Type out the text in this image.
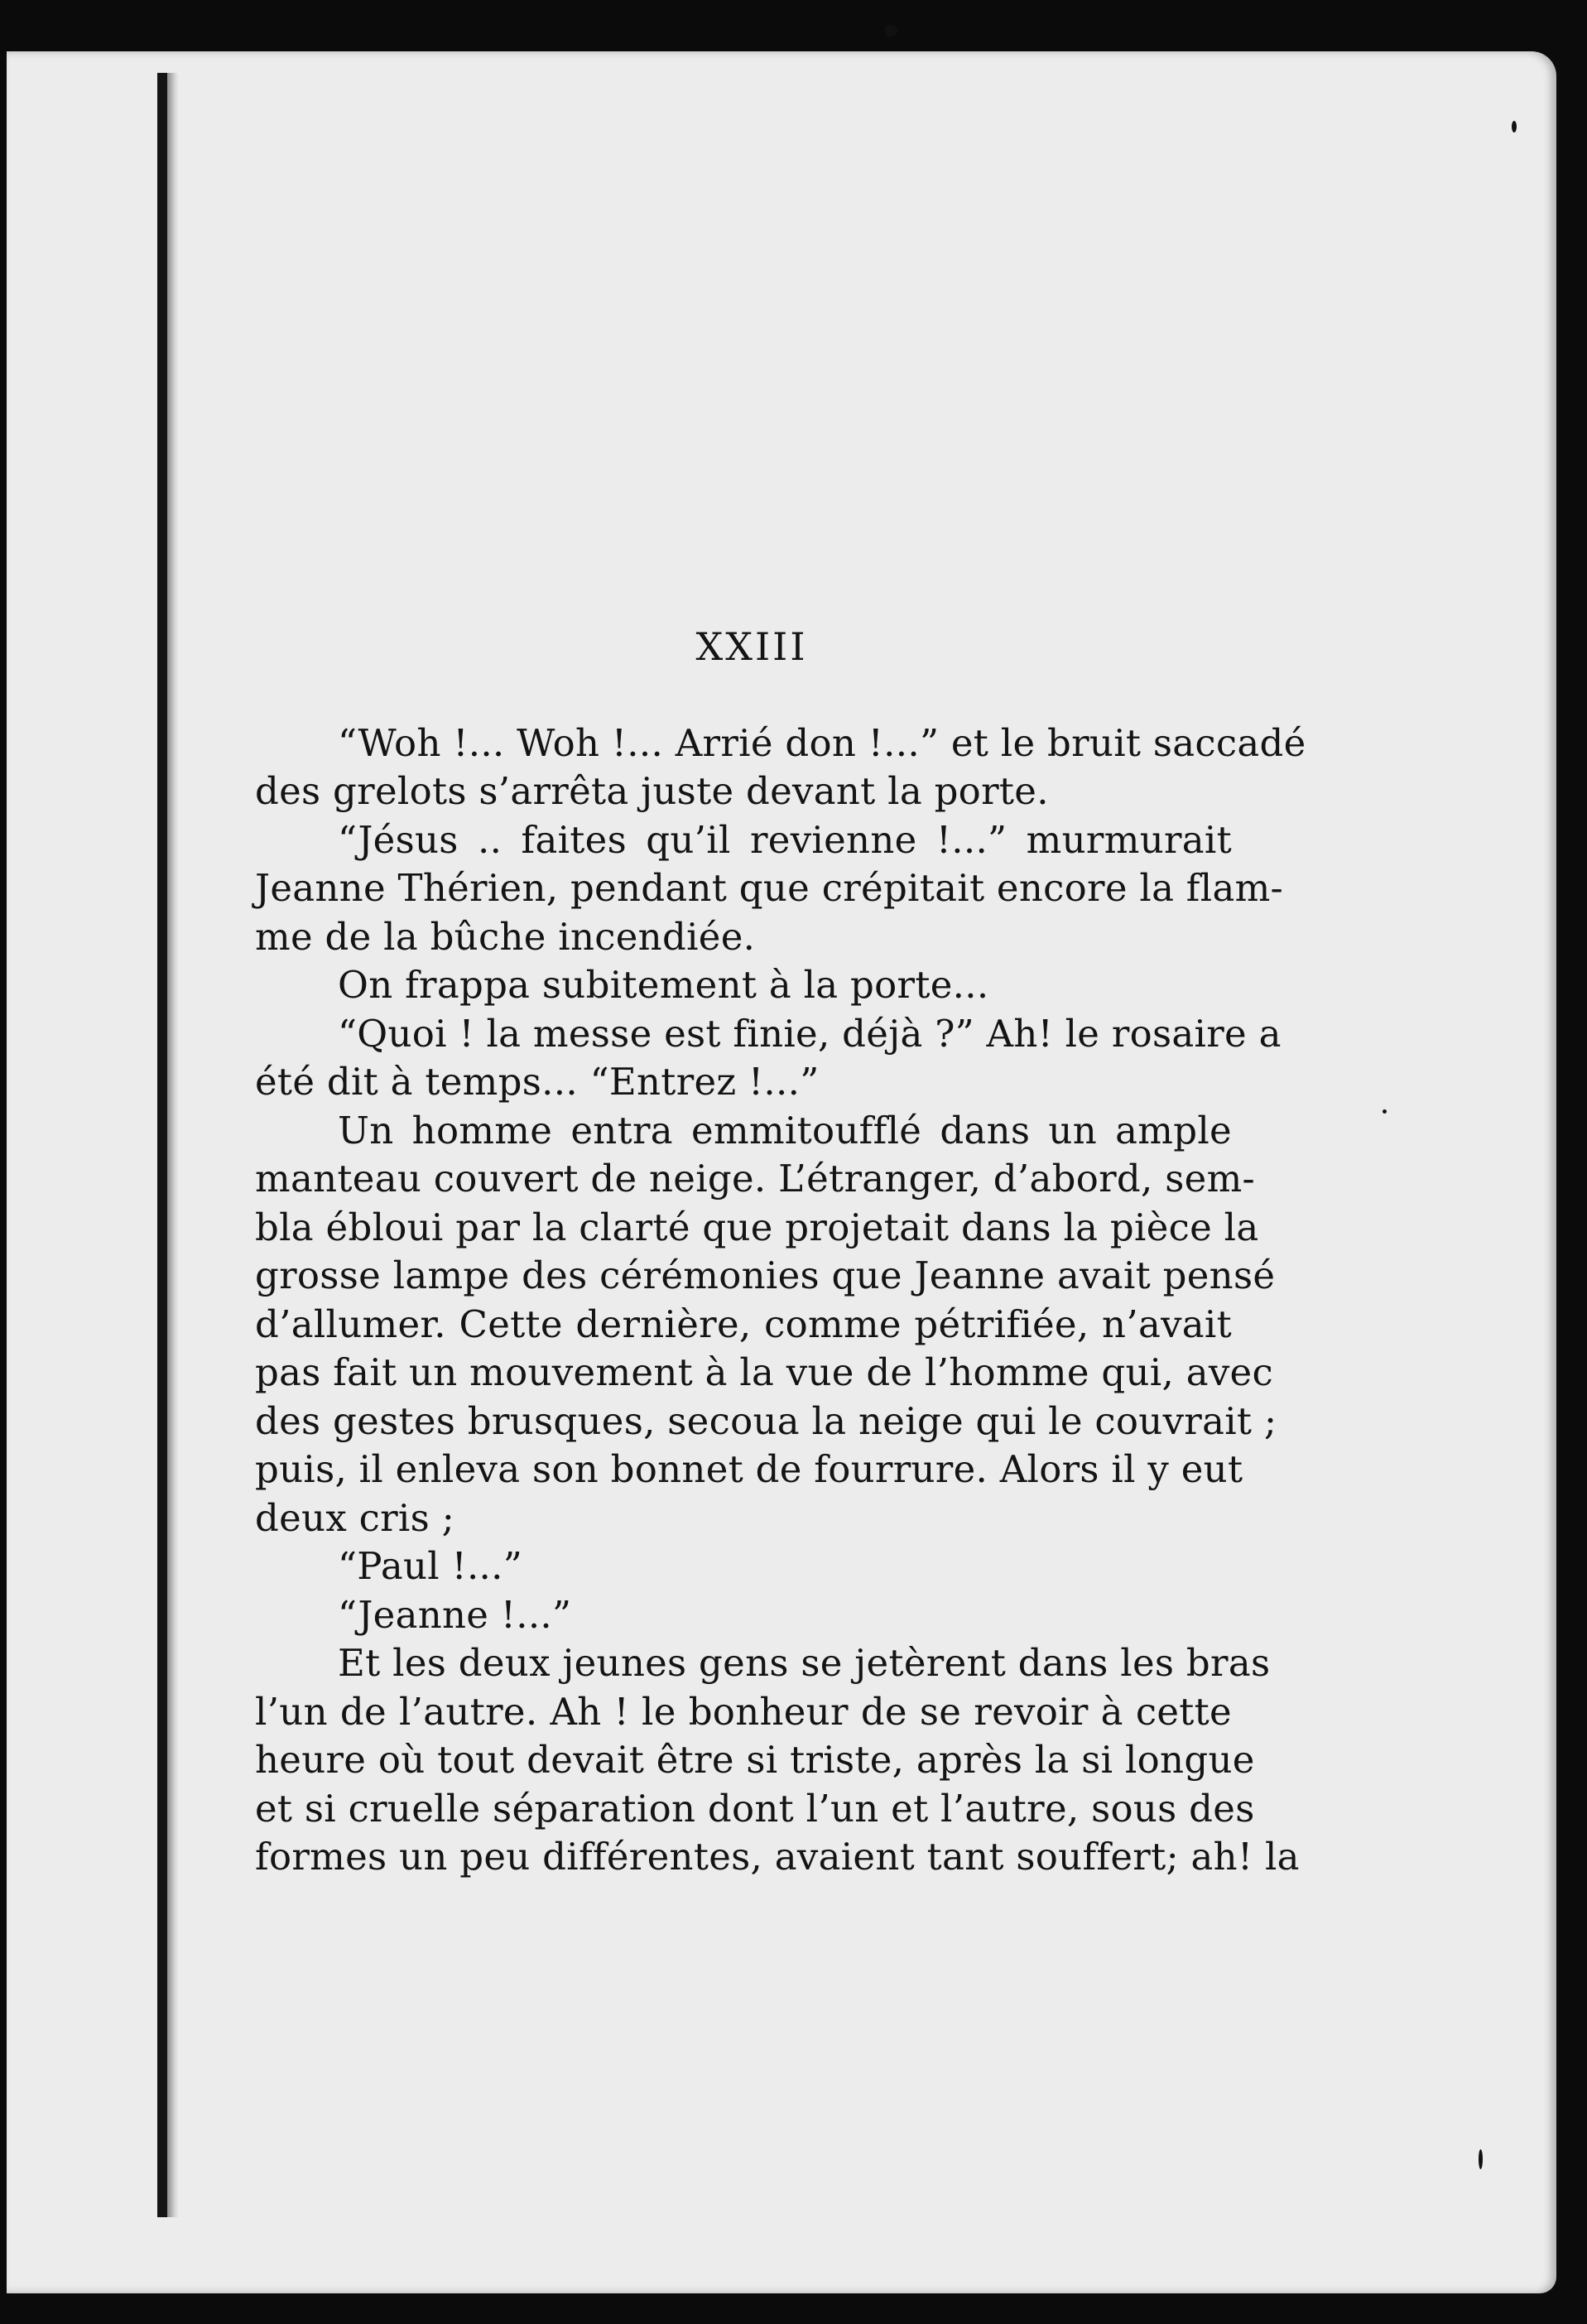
XXIII
“Woh !... Woh !... Arrié don !...” et le bruit saccadé
des grelots s’arrêta juste devant la porte.
“Jésus .. faites qu’il revienne !...” murmurait
Jeanne Thérien, pendant que crépitait encore la flam-
me de la bûche incendiée.
On frappa subitement à la porte...
“Quoi ! la messe est finie, déjà ?” Ah! le rosaire a
été dit à temps... “Entrez !...”
Un homme entra emmitoufflé dans un ample
manteau couvert de neige. L’étranger, d’abord, sem-
bla ébloui par la clarté que projetait dans la pièce la
grosse lampe des cérémonies que Jeanne avait pensé
d’allumer. Cette dernière, comme pétrifiée, n’avait
pas fait un mouvement à la vue de l’homme qui, avec
des gestes brusques, secoua la neige qui le couvrait ;
puis, il enleva son bonnet de fourrure. Alors il y eut
deux cris ;
“Paul !...”
“Jeanne !...”
Et les deux jeunes gens se jetèrent dans les bras
l’un de l’autre. Ah ! le bonheur de se revoir à cette
heure où tout devait être si triste, après la si longue
et si cruelle séparation dont l’un et l’autre, sous des
formes un peu différentes, avaient tant souffert; ah! la
